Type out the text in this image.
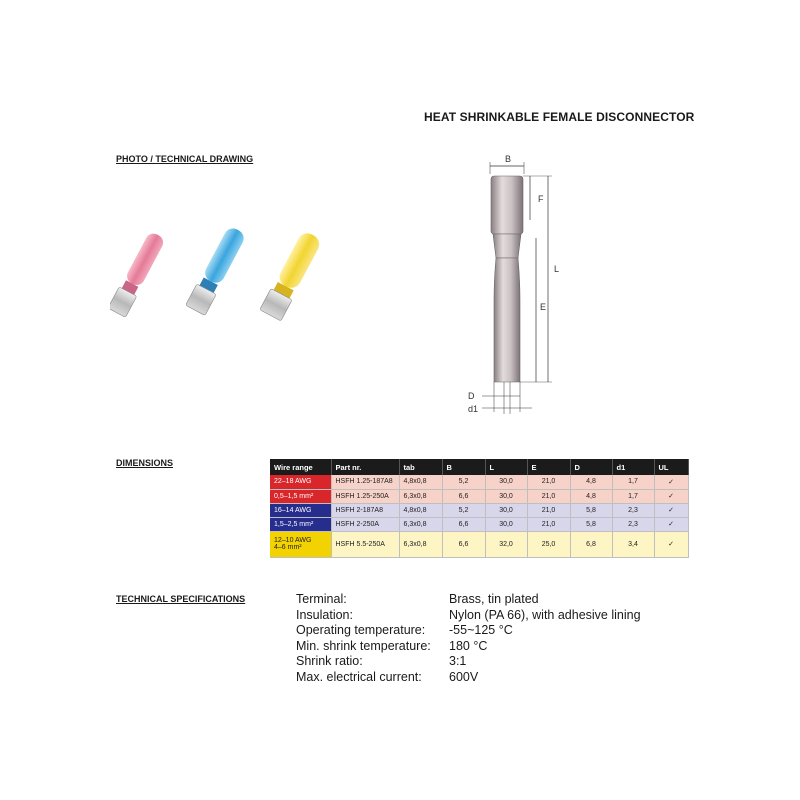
HEAT SHRINKABLE FEMALE DISCONNECTOR
PHOTO / TECHNICAL DRAWING	B
F
E
L
D
d1
DIMENSIONS	Wire range	Part nr.	tab	B	L	E	D	d1	UL
22–18 AWG	HSFH 1.25-187A8	4,8x0,8	5,2	30,0	21,0	4,8	1,7	✓
0,5–1,5 mm²	HSFH 1.25-250A	6,3x0,8	6,6	30,0	21,0	4,8	1,7	✓
16–14 AWG	HSFH 2-187A8	4,8x0,8	5,2	30,0	21,0	5,8	2,3	✓
1,5–2,5 mm²	HSFH 2-250A	6,3x0,8	6,6	30,0	21,0	5,8	2,3	✓

12–10 AWG
4–6 mm²	HSFH 5.5-250A	6,3x0,8	6,6	32,0	25,0	6,8	3,4	✓
TECHNICAL SPECIFICATIONS	Terminal:	Brass, tin plated
Insulation:	Nylon (PA 66), with adhesive lining
Operating temperature:	-55~125 °C
Min. shrink temperature:	180 °C
Shrink ratio:	3:1
Max. electrical current:	600V
